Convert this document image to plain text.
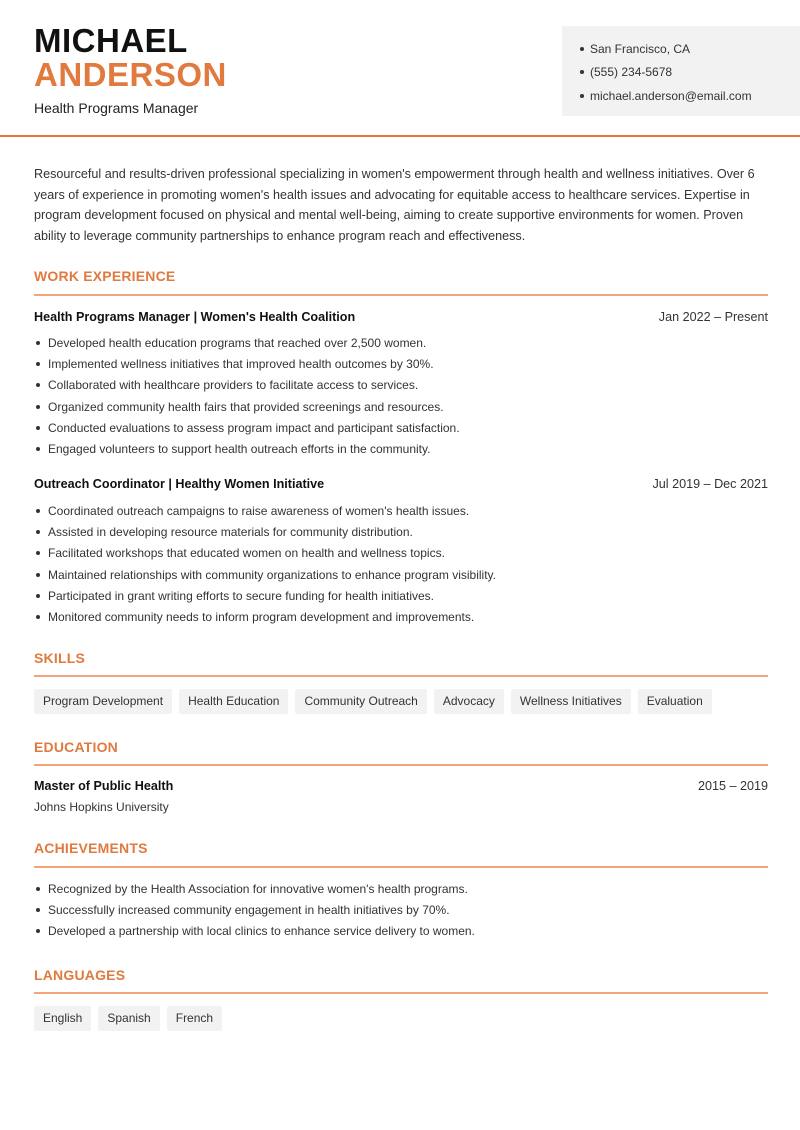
MICHAEL
ANDERSON
Health Programs Manager
San Francisco, CA
(555) 234-5678
michael.anderson@email.com

Resourceful and results-driven professional specializing in women's empowerment through health and wellness initiatives. Over 6 years of experience in promoting women's health issues and advocating for equitable access to healthcare services. Expertise in program development focused on physical and mental well-being, aiming to create supportive environments for women. Proven ability to leverage community partnerships to enhance program reach and effectiveness.

WORK EXPERIENCE
Health Programs Manager | Women's Health Coalition	Jan 2022 – Present
Developed health education programs that reached over 2,500 women.
Implemented wellness initiatives that improved health outcomes by 30%.
Collaborated with healthcare providers to facilitate access to services.
Organized community health fairs that provided screenings and resources.
Conducted evaluations to assess program impact and participant satisfaction.
Engaged volunteers to support health outreach efforts in the community.
Outreach Coordinator | Healthy Women Initiative	Jul 2019 – Dec 2021
Coordinated outreach campaigns to raise awareness of women's health issues.
Assisted in developing resource materials for community distribution.
Facilitated workshops that educated women on health and wellness topics.
Maintained relationships with community organizations to enhance program visibility.
Participated in grant writing efforts to secure funding for health initiatives.
Monitored community needs to inform program development and improvements.
SKILLS
Program Development	Health Education	Community Outreach	Advocacy	Wellness Initiatives	Evaluation
EDUCATION
Master of Public Health	2015 – 2019
Johns Hopkins University
ACHIEVEMENTS
Recognized by the Health Association for innovative women's health programs.
Successfully increased community engagement in health initiatives by 70%.
Developed a partnership with local clinics to enhance service delivery to women.
LANGUAGES
English	Spanish	French
